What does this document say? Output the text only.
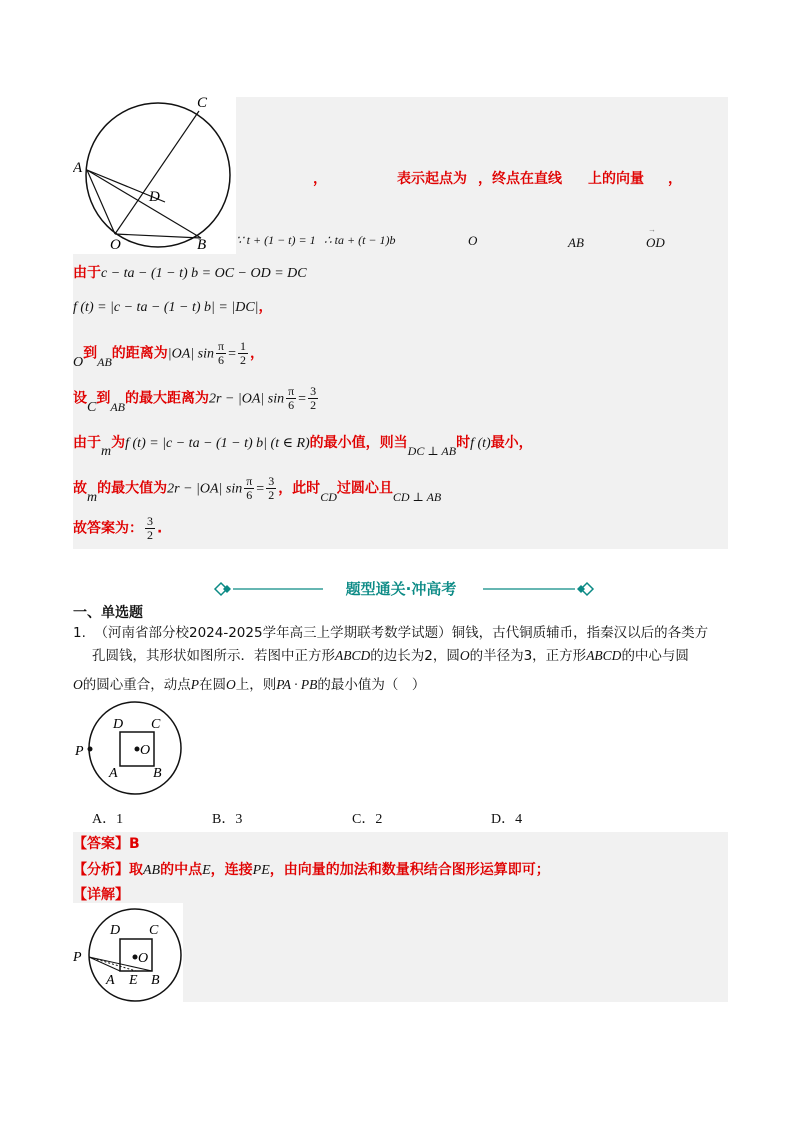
C
A
D
O	B
，	表示起点为 ，终点在直线 上的向量 ，
∵ t + (1 − t) = 1 ∴ ta + (t − 1)b	O	AB
→	OD
由于c − ta − (1 − t) b = OC − OD = DC
f (t) = |c − ta − (1 − t) b| = |DC|，
O到AB的距离为|OA| $\sin \frac{\pi}{6} = \frac{1}{2}$ ，
设C到AB的最大距离为2r − |OA| $\sin \frac{\pi}{6} = \frac{3}{2}$
由于m为f (t) = |c − ta − (1 − t) b| (t ∈ R)的最小值，则当DC ⊥ AB时f (t)最小，
故m的最大值为2r − |OA| $\sin \frac{\pi}{6} = \frac{3}{2}$ ，此时CD过圆心且CD ⊥ AB
故答案为： $\frac{3}{2}$ .
题型通关·冲高考
一、单选题
1. （河南省部分校2024-2025学年高三上学期联考数学试题）铜钱，古代铜质辅币，指秦汉以后的各类方
孔圆钱，其形状如图所示．若图中正方形ABCD的边长为2，圆O的半径为3，正方形ABCD的中心与圆
O的圆心重合，动点P在圆O上，则PA · PB的最小值为（　）
P
D C
O
A	B
A．1	B．3	C．2	D．4
【答案】B
【分析】取AB的中点E，连接PE，由向量的加法和数量积结合图形运算即可；
【详解】
P
D C
O
A E B
